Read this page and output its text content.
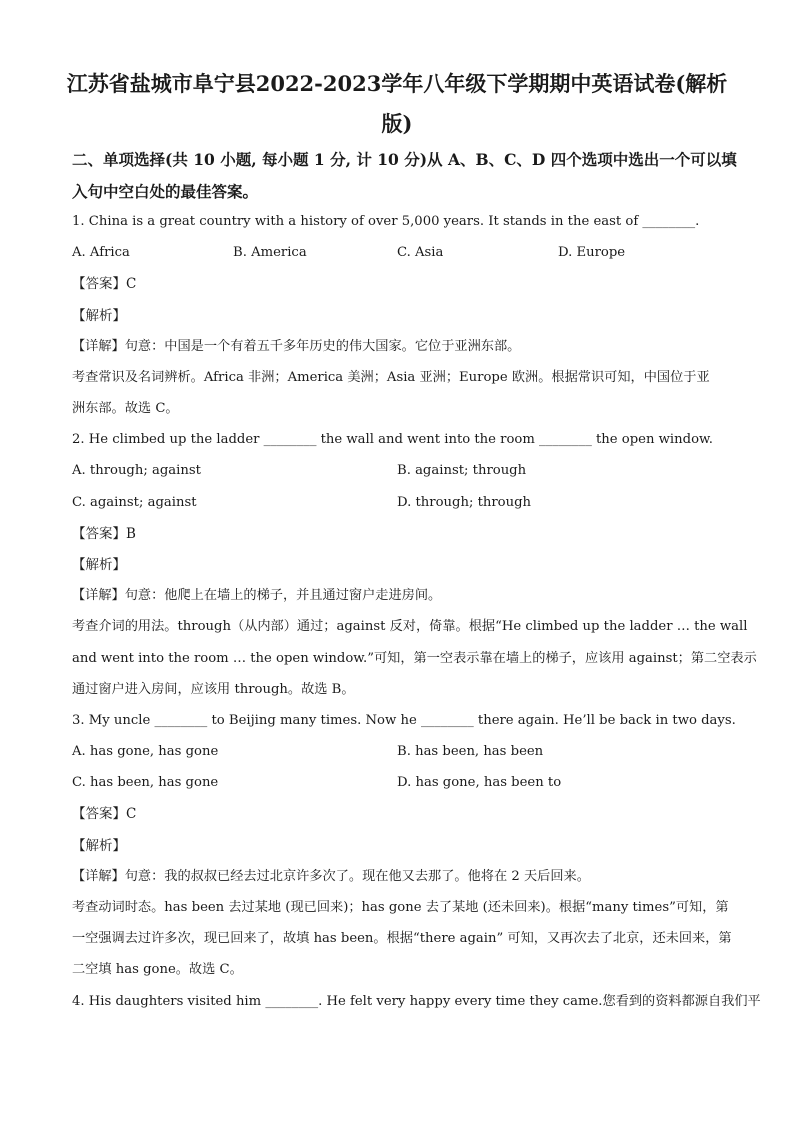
江苏省盐城市阜宁县2022-2023学年八年级下学期期中英语试卷(解析
版)
二、单项选择(共 10 小题, 每小题 1 分, 计 10 分)从 A、B、C、D 四个选项中选出一个可以填
入句中空白处的最佳答案。
1. China is a great country with a history of over 5,000 years. It stands in the east of ________.
A. Africa	B. America	C. Asia	D. Europe
【答案】C
【解析】
【详解】句意：中国是一个有着五千多年历史的伟大国家。它位于亚洲东部。
考查常识及名词辨析。Africa 非洲；America 美洲；Asia 亚洲；Europe 欧洲。根据常识可知，中国位于亚
洲东部。故选 C。
2. He climbed up the ladder ________ the wall and went into the room ________ the open window.
A. through; against	B. against; through
C. against; against	D. through; through
【答案】B
【解析】
【详解】句意：他爬上在墙上的梯子，并且通过窗户走进房间。
考查介词的用法。through（从内部）通过；against 反对，倚靠。根据“He climbed up the ladder … the wall
and went into the room … the open window.”可知，第一空表示靠在墙上的梯子，应该用 against；第二空表示
通过窗户进入房间，应该用 through。故选 B。
3. My uncle ________ to Beijing many times. Now he ________ there again. He’ll be back in two days.
A. has gone, has gone	B. has been, has been
C. has been, has gone	D. has gone, has been to
【答案】C
【解析】
【详解】句意：我的叔叔已经去过北京许多次了。现在他又去那了。他将在 2 天后回来。
考查动词时态。has been 去过某地 (现已回来)；has gone 去了某地 (还未回来)。根据“many times”可知，第
一空强调去过许多次，现已回来了，故填 has been。根据“there again” 可知，又再次去了北京，还未回来，第
二空填 has gone。故选 C。
4. His daughters visited him ________. He felt very happy every time they came.您看到的资料都源自我们平
